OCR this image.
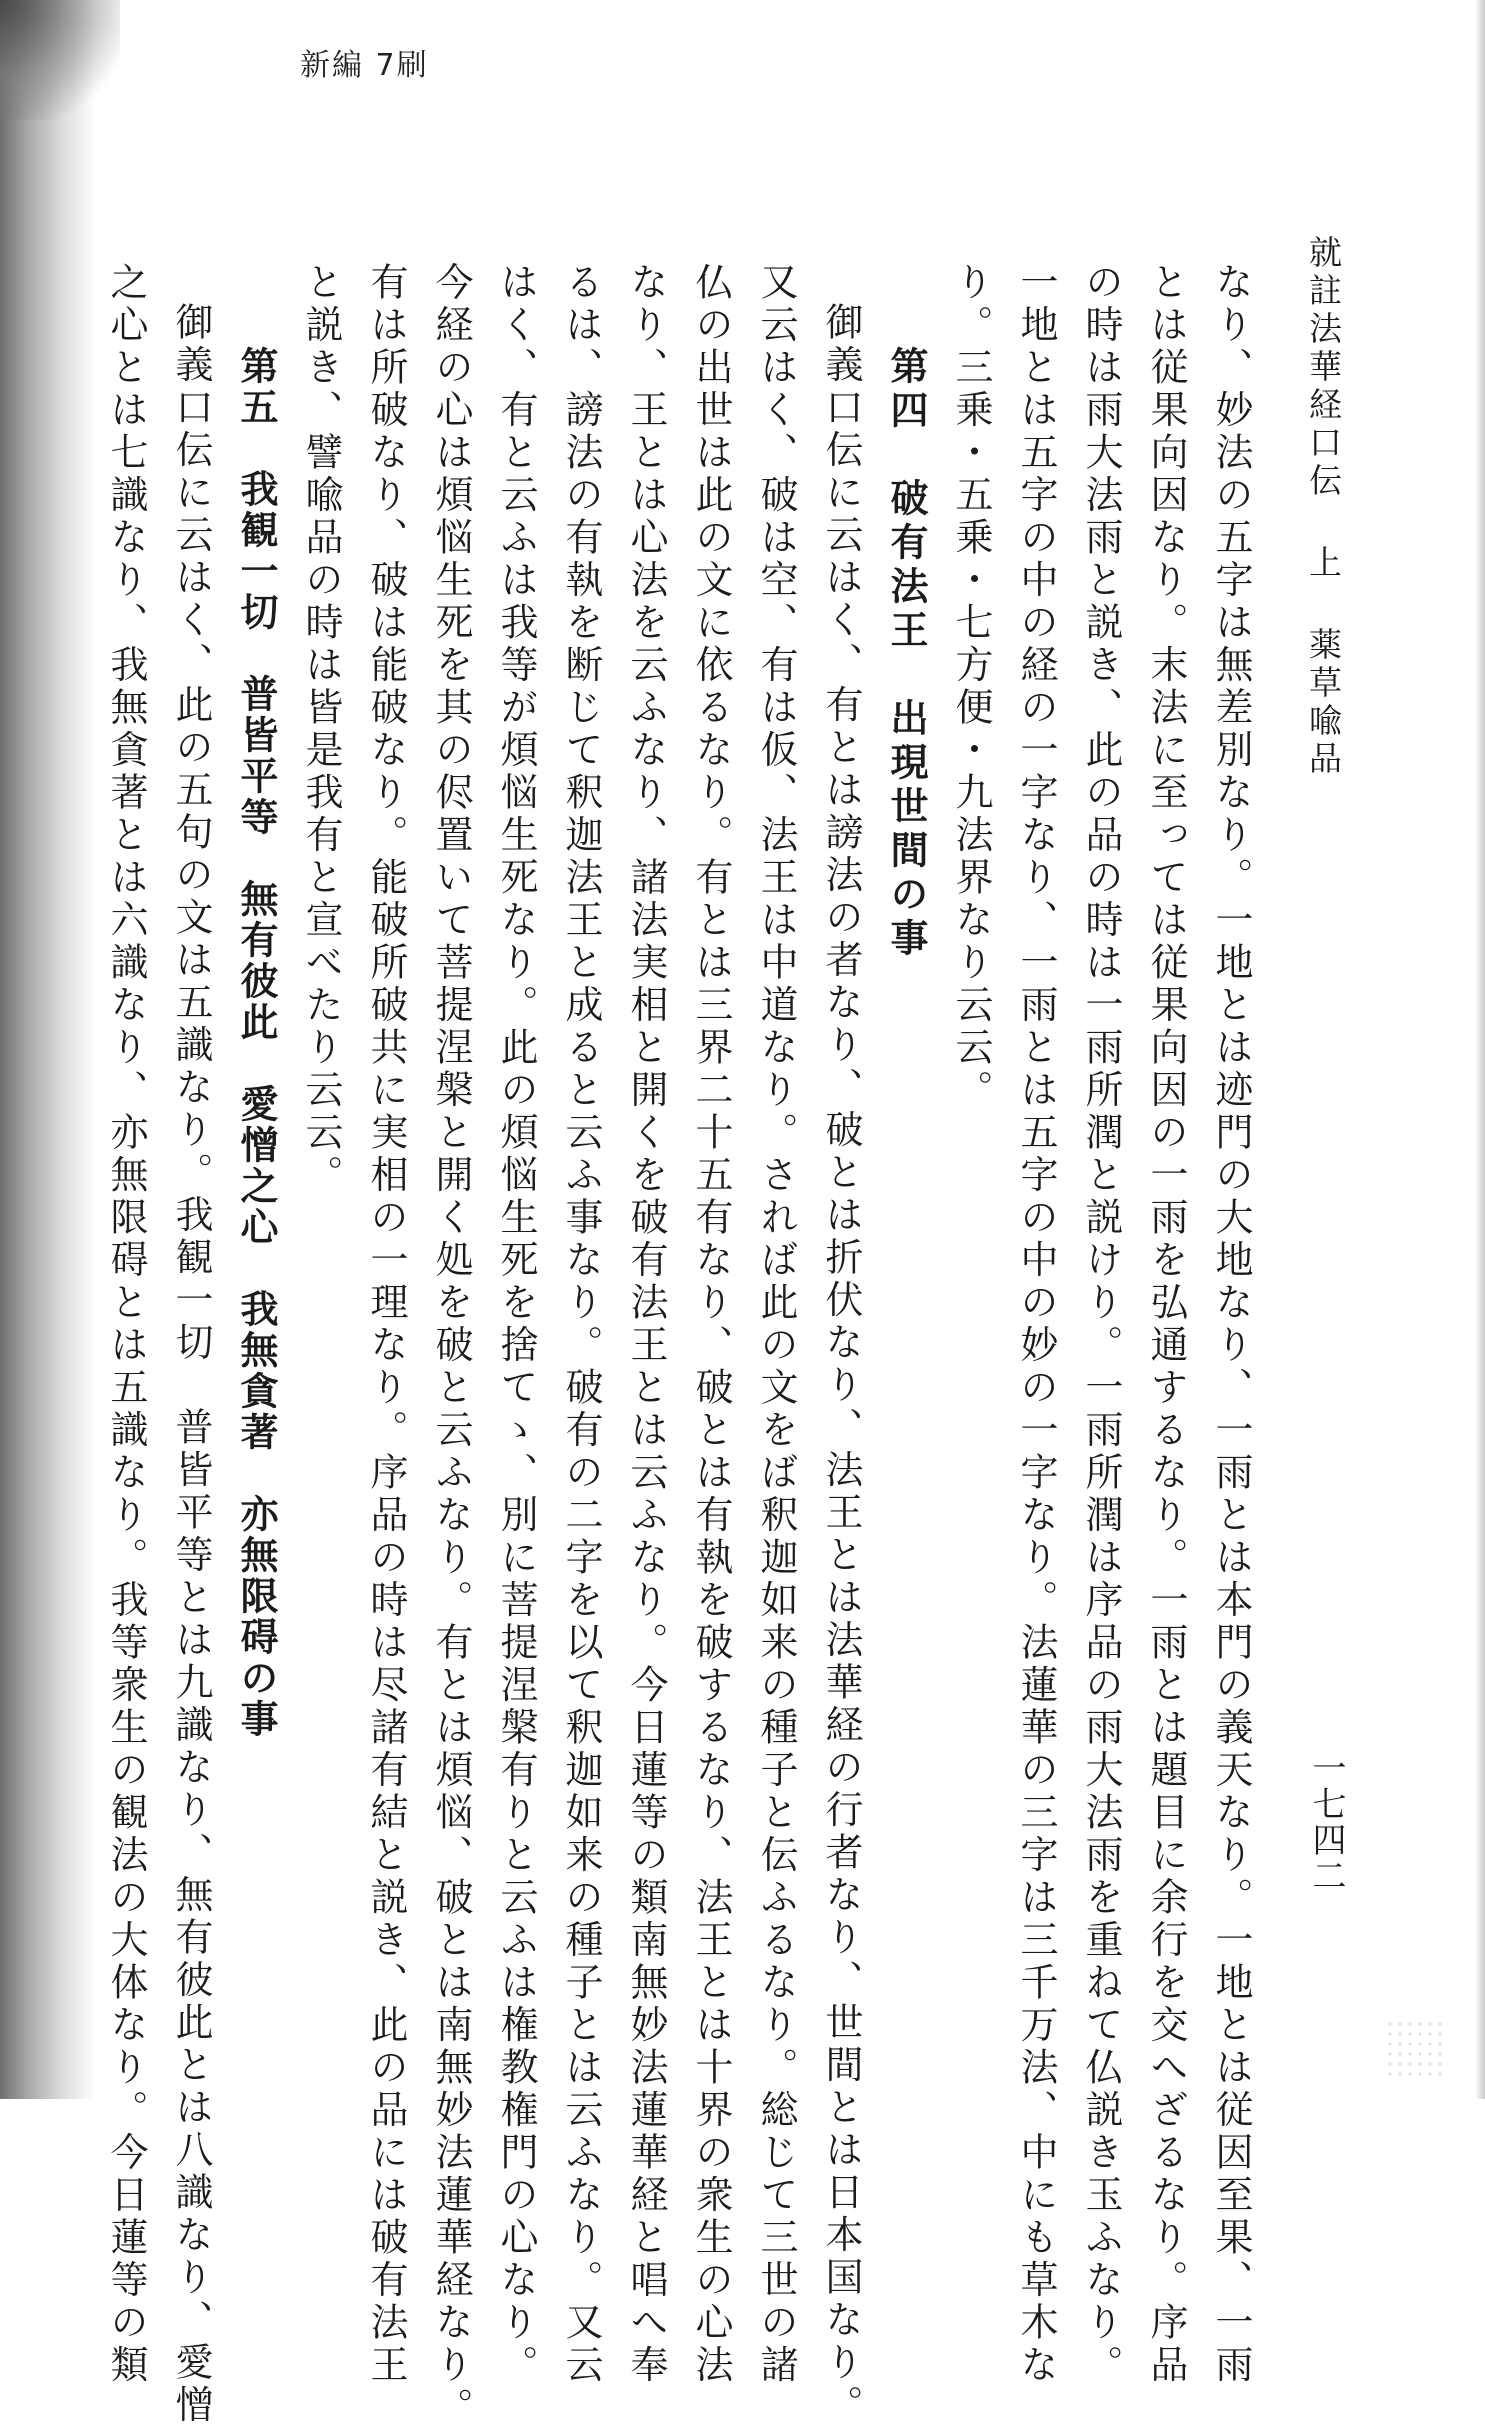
新編 7刷
就註法華経口伝 上 薬草喩品
一七四二
なり、妙法の五字は無差別なり。一地とは迹門の大地なり、一雨とは本門の義天なり。一地とは従因至果、一雨
とは従果向因なり。末法に至っては従果向因の一雨を弘通するなり。一雨とは題目に余行を交へざるなり。序品
の時は雨大法雨と説き、此の品の時は一雨所潤と説けり。一雨所潤は序品の雨大法雨を重ねて仏説き玉ふなり。
一地とは五字の中の経の一字なり、一雨とは五字の中の妙の一字なり。法蓮華の三字は三千万法、中にも草木な
り。三乗・五乗・七方便・九法界なり云云。
第四　破有法王　出現世間の事
御義口伝に云はく、有とは謗法の者なり、破とは折伏なり、法王とは法華経の行者なり、世間とは日本国なり。
又云はく、破は空、有は仮、法王は中道なり。されば此の文をば釈迦如来の種子と伝ふるなり。総じて三世の諸
仏の出世は此の文に依るなり。有とは三界二十五有なり、破とは有執を破するなり、法王とは十界の衆生の心法
なり、王とは心法を云ふなり、諸法実相と開くを破有法王とは云ふなり。今日蓮等の類南無妙法蓮華経と唱へ奉
るは、謗法の有執を断じて釈迦法王と成ると云ふ事なり。破有の二字を以て釈迦如来の種子とは云ふなり。又云
はく、有と云ふは我等が煩悩生死なり。此の煩悩生死を捨てゝ、別に菩提涅槃有りと云ふは権教権門の心なり。
今経の心は煩悩生死を其の侭置いて菩提涅槃と開く処を破と云ふなり。有とは煩悩、破とは南無妙法蓮華経なり。
有は所破なり、破は能破なり。能破所破共に実相の一理なり。序品の時は尽諸有結と説き、此の品には破有法王
と説き、譬喩品の時は皆是我有と宣べたり云云。
第五　我観一切　普皆平等　無有彼此　愛憎之心　我無貪著　亦無限碍の事
御義口伝に云はく、此の五句の文は五識なり。我観一切　普皆平等とは九識なり、無有彼此とは八識なり、愛憎
之心とは七識なり、我無貪著とは六識なり、亦無限碍とは五識なり。我等衆生の観法の大体なり。今日蓮等の類
